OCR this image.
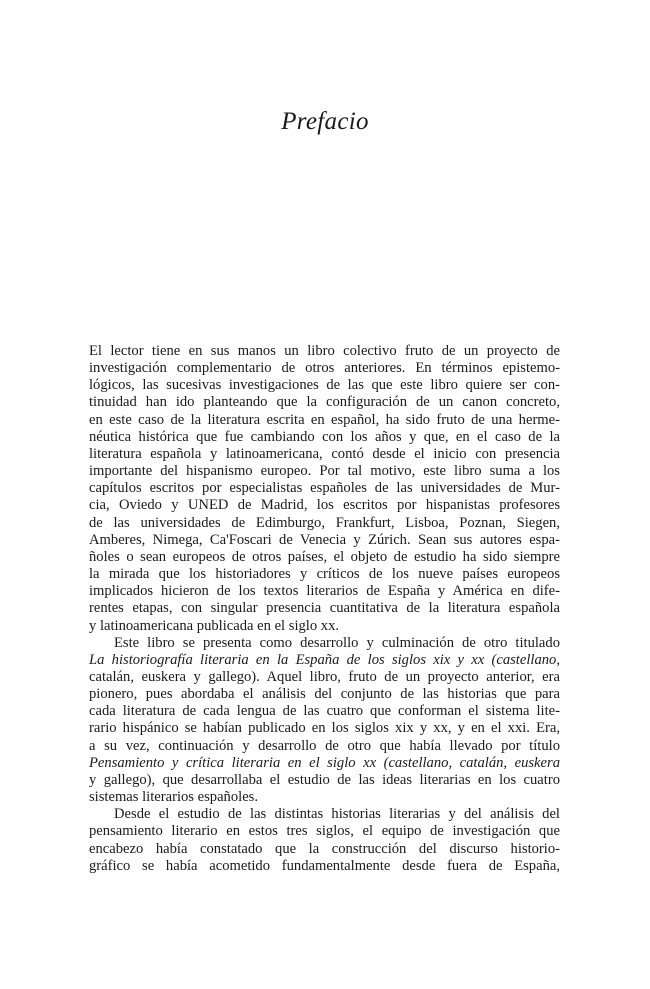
Prefacio

El lector tiene en sus manos un libro colectivo fruto de un proyecto de
investigación complementario de otros anteriores. En términos epistemo-
lógicos, las sucesivas investigaciones de las que este libro quiere ser con-
tinuidad han ido planteando que la configuración de un canon concreto,
en este caso de la literatura escrita en español, ha sido fruto de una herme-
néutica histórica que fue cambiando con los años y que, en el caso de la
literatura española y latinoamericana, contó desde el inicio con presencia
importante del hispanismo europeo. Por tal motivo, este libro suma a los
capítulos escritos por especialistas españoles de las universidades de Mur-
cia, Oviedo y UNED de Madrid, los escritos por hispanistas profesores
de las universidades de Edimburgo, Frankfurt, Lisboa, Poznan, Siegen,
Amberes, Nimega, Ca'Foscari de Venecia y Zúrich. Sean sus autores espa-
ñoles o sean europeos de otros países, el objeto de estudio ha sido siempre
la mirada que los historiadores y críticos de los nueve países europeos
implicados hicieron de los textos literarios de España y América en dife-
rentes etapas, con singular presencia cuantitativa de la literatura española
y latinoamericana publicada en el siglo xx.

Este libro se presenta como desarrollo y culminación de otro titulado
La historiografía literaria en la España de los siglos xix y xx (castellano,
catalán, euskera y gallego). Aquel libro, fruto de un proyecto anterior, era
pionero, pues abordaba el análisis del conjunto de las historias que para
cada literatura de cada lengua de las cuatro que conforman el sistema lite-
rario hispánico se habían publicado en los siglos xix y xx, y en el xxi. Era,
a su vez, continuación y desarrollo de otro que había llevado por título
Pensamiento y crítica literaria en el siglo xx (castellano, catalán, euskera
y gallego), que desarrollaba el estudio de las ideas literarias en los cuatro
sistemas literarios españoles.

Desde el estudio de las distintas historias literarias y del análisis del
pensamiento literario en estos tres siglos, el equipo de investigación que
encabezo había constatado que la construcción del discurso historio-
gráfico se había acometido fundamentalmente desde fuera de España,
